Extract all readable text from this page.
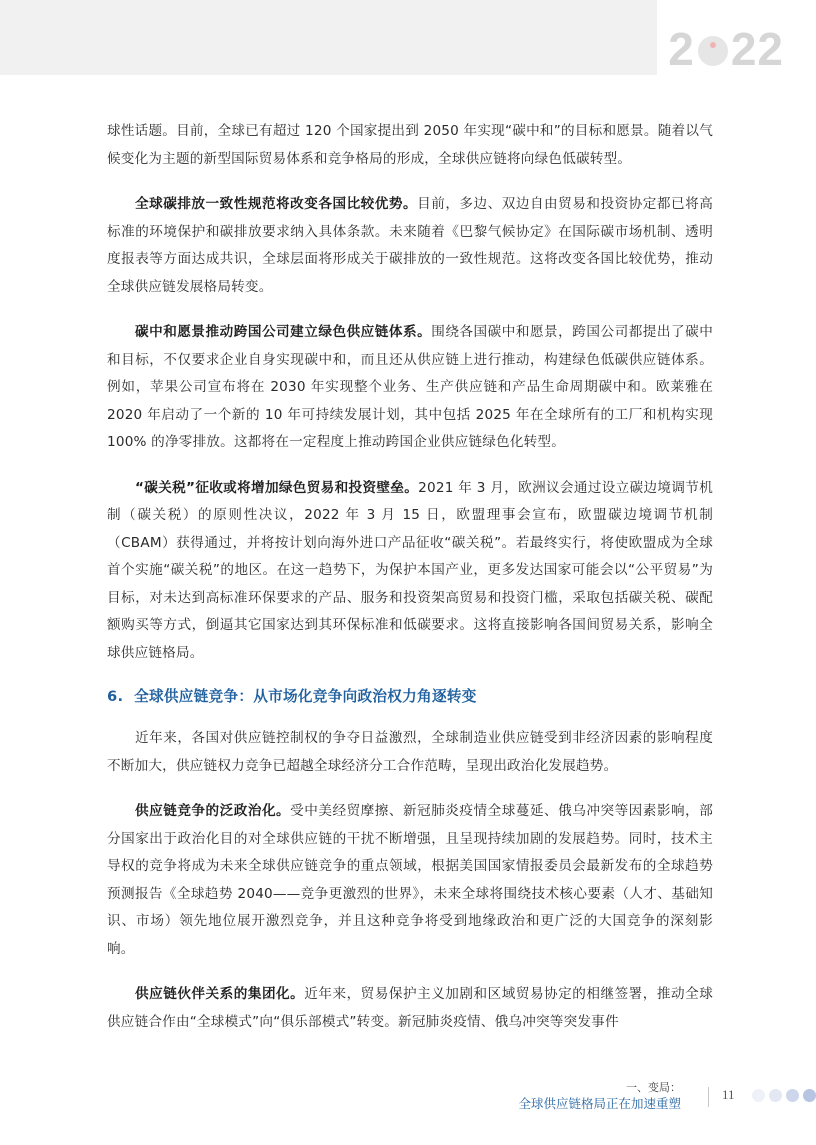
2 22

球性话题。目前，全球已有超过 120 个国家提出到 2050 年实现“碳中和”的目标和愿景。随着以气候变化为主题的新型国际贸易体系和竞争格局的形成，全球供应链将向绿色低碳转型。

全球碳排放一致性规范将改变各国比较优势。目前，多边、双边自由贸易和投资协定都已将高标准的环境保护和碳排放要求纳入具体条款。未来随着《巴黎气候协定》在国际碳市场机制、透明度报表等方面达成共识，全球层面将形成关于碳排放的一致性规范。这将改变各国比较优势，推动全球供应链发展格局转变。

碳中和愿景推动跨国公司建立绿色供应链体系。围绕各国碳中和愿景，跨国公司都提出了碳中和目标，不仅要求企业自身实现碳中和，而且还从供应链上进行推动，构建绿色低碳供应链体系。例如，苹果公司宣布将在 2030 年实现整个业务、生产供应链和产品生命周期碳中和。欧莱雅在 2020 年启动了一个新的 10 年可持续发展计划，其中包括 2025 年在全球所有的工厂和机构实现 100% 的净零排放。这都将在一定程度上推动跨国企业供应链绿色化转型。

“碳关税”征收或将增加绿色贸易和投资壁垒。2021 年 3 月，欧洲议会通过设立碳边境调节机制（碳关税）的原则性决议，2022 年 3 月 15 日，欧盟理事会宣布，欧盟碳边境调节机制（CBAM）获得通过，并将按计划向海外进口产品征收“碳关税”。若最终实行，将使欧盟成为全球首个实施“碳关税”的地区。在这一趋势下，为保护本国产业，更多发达国家可能会以“公平贸易”为目标，对未达到高标准环保要求的产品、服务和投资架高贸易和投资门槛，采取包括碳关税、碳配额购买等方式，倒逼其它国家达到其环保标准和低碳要求。这将直接影响各国间贸易关系，影响全球供应链格局。

6. 全球供应链竞争：从市场化竞争向政治权力角逐转变

近年来，各国对供应链控制权的争夺日益激烈，全球制造业供应链受到非经济因素的影响程度不断加大，供应链权力竞争已超越全球经济分工合作范畴，呈现出政治化发展趋势。

供应链竞争的泛政治化。受中美经贸摩擦、新冠肺炎疫情全球蔓延、俄乌冲突等因素影响，部分国家出于政治化目的对全球供应链的干扰不断增强，且呈现持续加剧的发展趋势。同时，技术主导权的竞争将成为未来全球供应链竞争的重点领域，根据美国国家情报委员会最新发布的全球趋势预测报告《全球趋势 2040——竞争更激烈的世界》，未来全球将围绕技术核心要素（人才、基础知识、市场）领先地位展开激烈竞争，并且这种竞争将受到地缘政治和更广泛的大国竞争的深刻影响。

供应链伙伴关系的集团化。近年来，贸易保护主义加剧和区域贸易协定的相继签署，推动全球供应链合作由“全球模式”向“俱乐部模式”转变。新冠肺炎疫情、俄乌冲突等突发事件

一、变局：
全球供应链格局正在加速重塑
11
